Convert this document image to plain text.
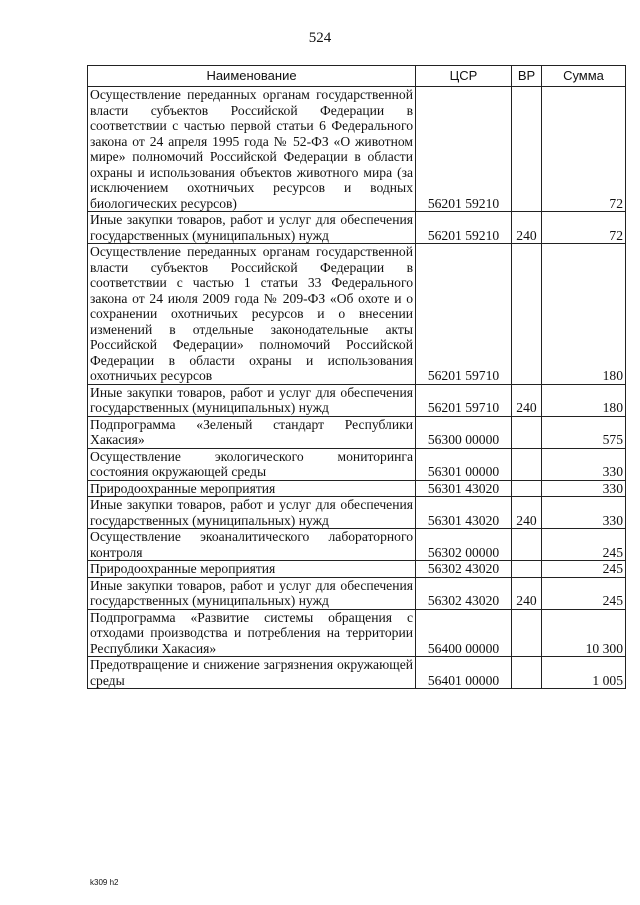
524
Наименование	ЦСР	ВР	Сумма
Осуществление переданных органам государственной власти субъектов Российской Федерации в соответствии с частью первой статьи 6 Федерального закона от 24 апреля 1995 года № 52-ФЗ «О животном мире» полномочий Российской Федерации в области охраны и использования объектов животного мира (за исключением охотничьих ресурсов и водных биологических ресурсов)	56201 59210		72
Иные закупки товаров, работ и услуг для обеспечения государственных (муниципальных) нужд	56201 59210	240	72
Осуществление переданных органам государственной власти субъектов Российской Федерации в соответствии с частью 1 статьи 33 Федерального закона от 24 июля 2009 года № 209-ФЗ «Об охоте и о сохранении охотничьих ресурсов и о внесении изменений в отдельные законодательные акты Российской Федерации» полномочий Российской Федерации в области охраны и использования охотничьих ресурсов	56201 59710		180
Иные закупки товаров, работ и услуг для обеспечения государственных (муниципальных) нужд	56201 59710	240	180
Подпрограмма «Зеленый стандарт Республики Хакасия»	56300 00000		575
Осуществление экологического мониторинга состояния окружающей среды	56301 00000		330
Природоохранные мероприятия	56301 43020		330
Иные закупки товаров, работ и услуг для обеспечения государственных (муниципальных) нужд	56301 43020	240	330
Осуществление экоаналитического лабораторного контроля	56302 00000		245
Природоохранные мероприятия	56302 43020		245
Иные закупки товаров, работ и услуг для обеспечения государственных (муниципальных) нужд	56302 43020	240	245
Подпрограмма «Развитие системы обращения с отходами производства и потребления на территории Республики Хакасия»	56400 00000		10 300
Предотвращение и снижение загрязнения окружающей среды	56401 00000		1 005
k309 h2
